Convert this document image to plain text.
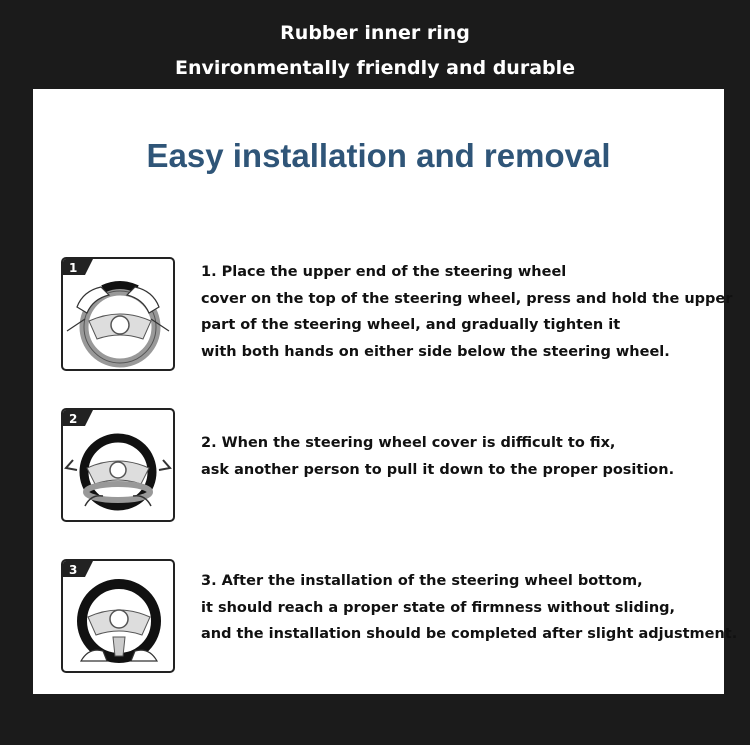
Rubber inner ring
Environmentally friendly and durable
Easy installation and removal
1	1. Place the upper end of the steering wheel
cover on the top of the steering wheel, press and hold the upper
part of the steering wheel, and gradually tighten it
with both hands on either side below the steering wheel.
2
2. When the steering wheel cover is difficult to fix,
ask another person to pull it down to the proper position.
3
3. After the installation of the steering wheel bottom,
it should reach a proper state of firmness without sliding,
and the installation should be completed after slight adjustment.
